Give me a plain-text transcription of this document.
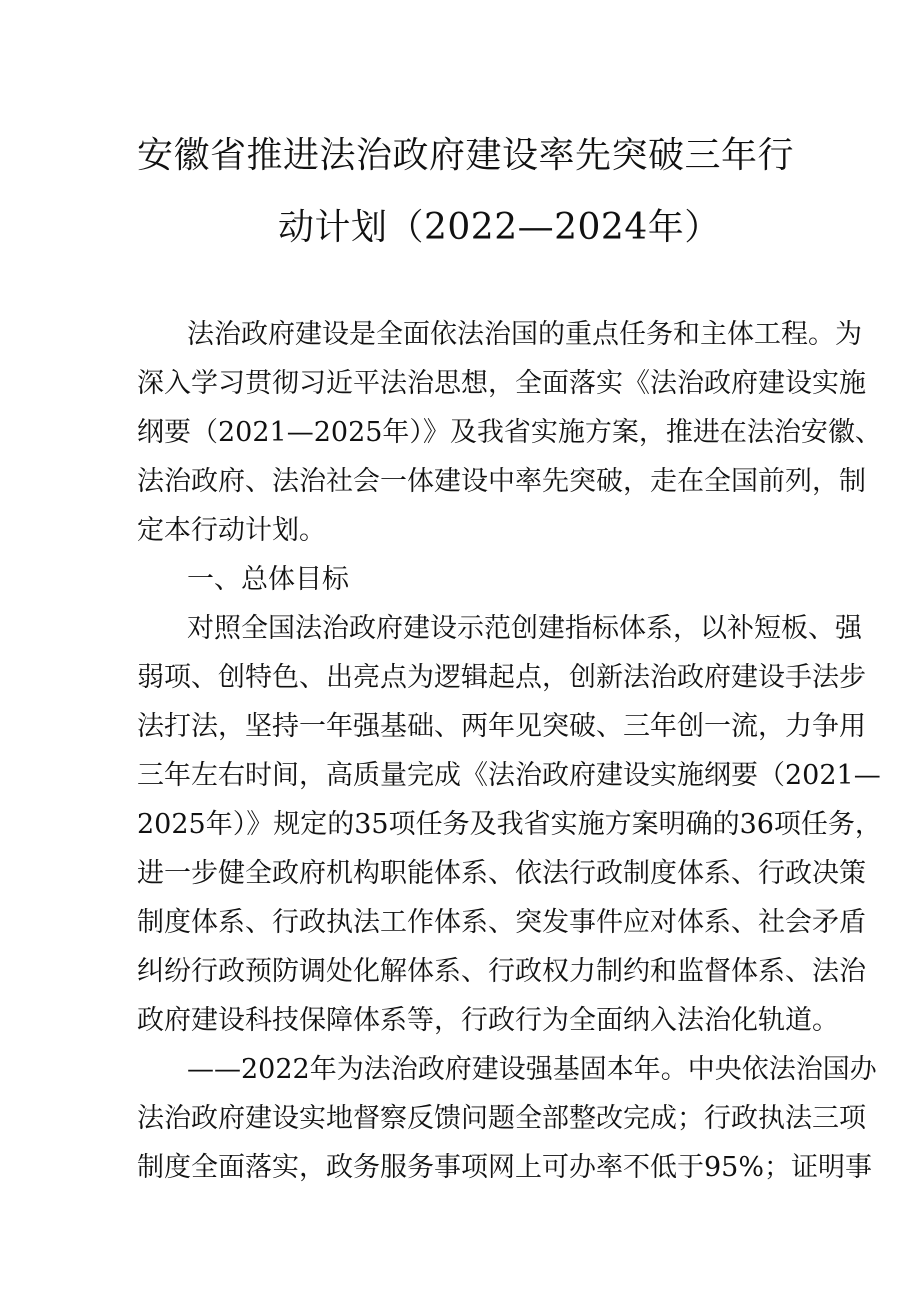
安徽省推进法治政府建设率先突破三年行
动计划（2022—2024年）
法治政府建设是全面依法治国的重点任务和主体工程。为
深入学习贯彻习近平法治思想，全面落实《法治政府建设实施
纲要（2021—2025年）》及我省实施方案，推进在法治安徽、
法治政府、法治社会一体建设中率先突破，走在全国前列，制
定本行动计划。
一、总体目标
对照全国法治政府建设示范创建指标体系，以补短板、强
弱项、创特色、出亮点为逻辑起点，创新法治政府建设手法步
法打法，坚持一年强基础、两年见突破、三年创一流，力争用
三年左右时间，高质量完成《法治政府建设实施纲要（2021—
2025年）》规定的35项任务及我省实施方案明确的36项任务，
进一步健全政府机构职能体系、依法行政制度体系、行政决策
制度体系、行政执法工作体系、突发事件应对体系、社会矛盾
纠纷行政预防调处化解体系、行政权力制约和监督体系、法治
政府建设科技保障体系等，行政行为全面纳入法治化轨道。
——2022年为法治政府建设强基固本年。中央依法治国办
法治政府建设实地督察反馈问题全部整改完成；行政执法三项
制度全面落实，政务服务事项网上可办率不低于95%；证明事
